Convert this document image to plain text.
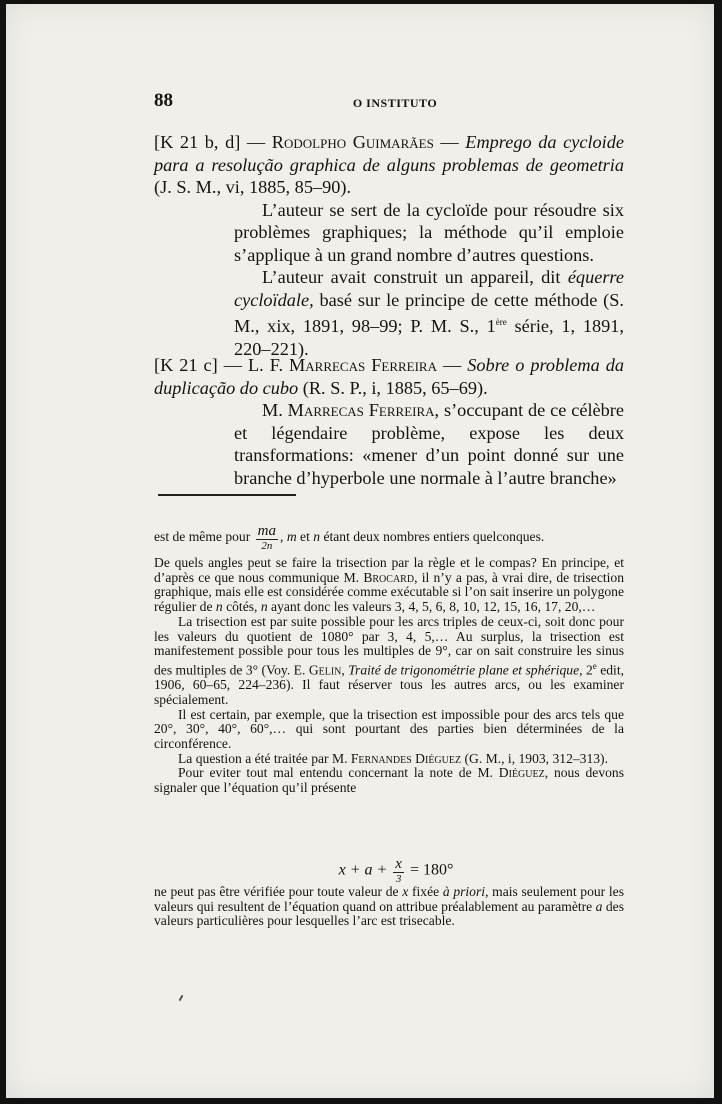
88	O INSTITUTO

[K 21 b, d] — Rodolpho Guimarães — Emprego da cycloide para a resolução graphica de alguns problemas de geometria (J. S. M., vi, 1885, 85–90).

L’auteur se sert de la cycloïde pour résoudre six problèmes graphiques; la méthode qu’il emploie s’applique à un grand nombre d’autres questions.

L’auteur avait construit un appareil, dit équerre cycloïdale, basé sur le principe de cette méthode (S. M., xix, 1891, 98–99; P. M. S., 1ère série, 1, 1891, 220–221).

[K 21 c] — L. F. Marrecas Ferreira — Sobre o problema da duplicação do cubo (R. S. P., i, 1885, 65–69).

M. Marrecas Ferreira, s’occupant de ce célèbre et légendaire problème, expose les deux transformations: «mener d’un point donné sur une branche d’hyperbole une normale à l’autre branche»

est de même pour $\frac{ma}{2n}$ , m et n étant deux nombres entiers quelconques.

De quels angles peut se faire la trisection par la règle et le compas? En principe, et d’après ce que nous communique M. Brocard, il n’y a pas, à vrai dire, de trisection graphique, mais elle est considérée comme exécutable si l’on sait inserire un polygone régulier de n côtés, n ayant donc les valeurs 3, 4, 5, 6, 8, 10, 12, 15, 16, 17, 20,…

La trisection est par suite possible pour les arcs triples de ceux-ci, soit donc pour les valeurs du quotient de 1080° par 3, 4, 5,… Au surplus, la trisection est manifestement possible pour tous les multiples de 9°, car on sait construire les sinus des multiples de 3° (Voy. E. Gelin, Traité de trigonométrie plane et sphérique, 2e edit, 1906, 60–65, 224–236). Il faut réserver tous les autres arcs, ou les examiner spécialement.

Il est certain, par exemple, que la trisection est impossible pour des arcs tels que 20°, 30°, 40°, 60°,… qui sont pourtant des parties bien déterminées de la circonférence.

La question a été traitée par M. Fernandes Diéguez (G. M., i, 1903, 312–313).

Pour eviter tout mal entendu concernant la note de M. Diéguez, nous devons signaler que l’équation qu’il présente

$x + a + \frac{x}{3} = 180^\circ$

ne peut pas être vérifiée pour toute valeur de x fixée à priori, mais seulement pour les valeurs qui resultent de l’équation quand on attribue préalablement au paramètre a des valeurs particulières pour lesquelles l’arc est trisecable.
